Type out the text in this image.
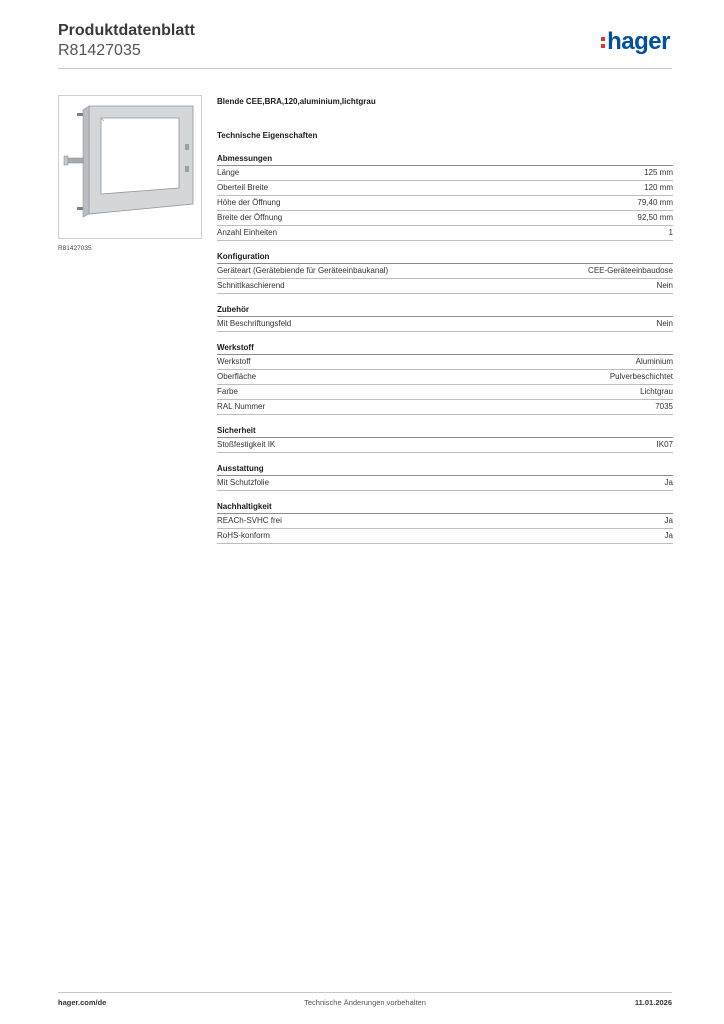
Produktdatenblatt
R81427035	hager
R81427035
Blende CEE,BRA,120,aluminium,lichtgrau
Technische Eigenschaften
Abmessungen
Länge	125 mm
Oberteil Breite	120 mm
Höhe der Öffnung	79,40 mm
Breite der Öffnung	92,50 mm
Anzahl Einheiten	1
Konfiguration
Geräteart (Gerätebiende für Geräteeinbaukanal)	CEE-Geräteeinbaudose
Schnittkaschierend	Nein
Zubehör
Mit Beschriftungsfeld	Nein
Werkstoff
Werkstoff	Aluminium
Oberfläche	Pulverbeschichtet
Farbe	Lichtgrau
RAL Nummer	7035
Sicherheit
Stoßfestigkeit IK	IK07
Ausstattung
Mit Schutzfolie	Ja
Nachhaltigkeit
REACh-SVHC frei	Ja
RoHS-konform	Ja
hager.com/de	Technische Änderungen vorbehalten	11.01.2026
